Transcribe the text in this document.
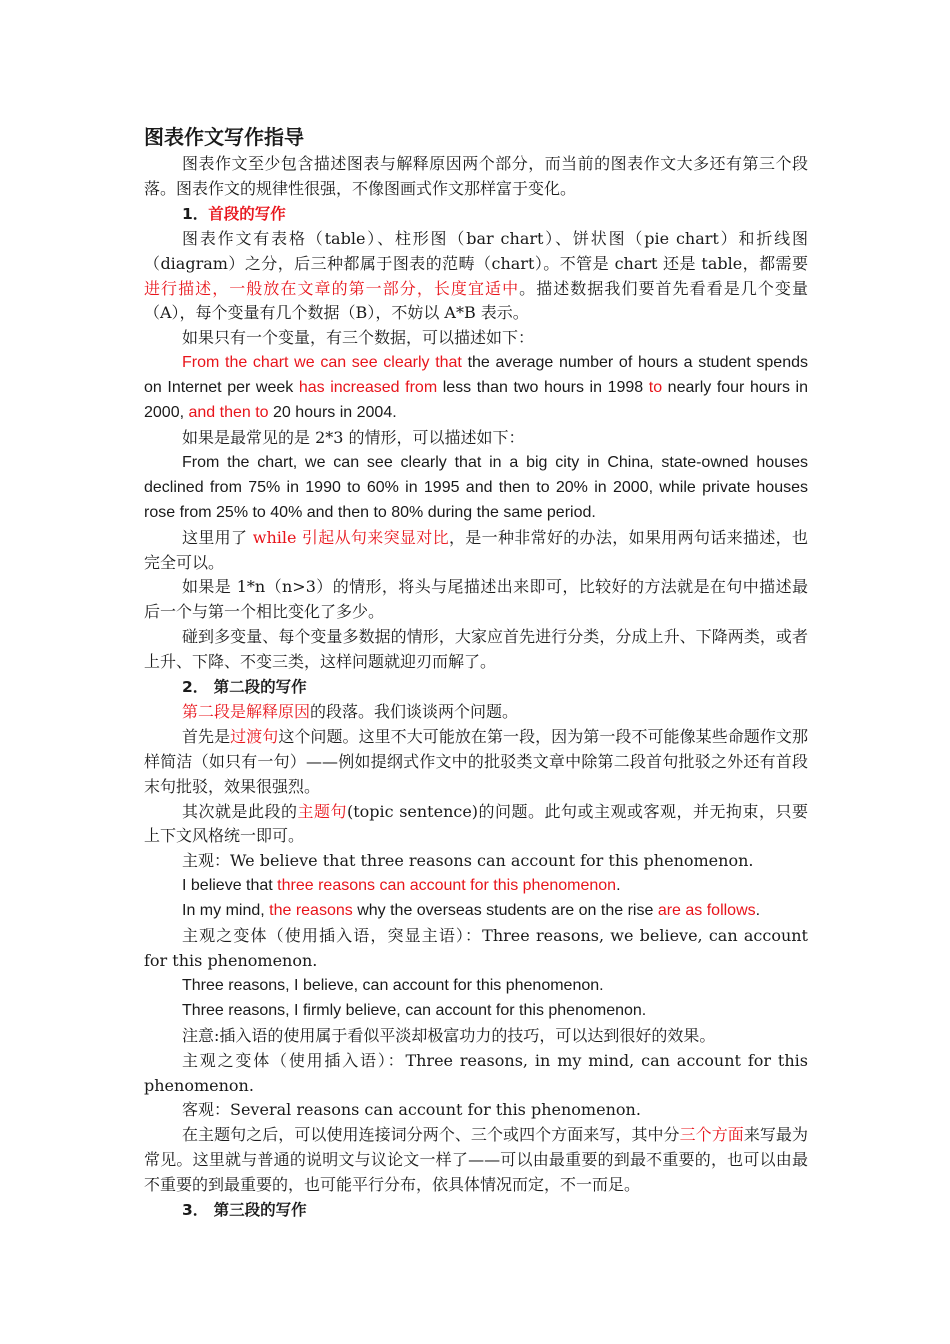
图表作文写作指导

图表作文至少包含描述图表与解释原因两个部分，而当前的图表作文大多还有第三个段落。图表作文的规律性很强，不像图画式作文那样富于变化。

1．首段的写作

图表作文有表格（table）、柱形图（bar chart）、饼状图（pie chart）和折线图（diagram）之分，后三种都属于图表的范畴（chart）。不管是 chart 还是 table，都需要进行描述，一般放在文章的第一部分，长度宜适中。描述数据我们要首先看看是几个变量（A），每个变量有几个数据（B），不妨以 A*B 表示。

如果只有一个变量，有三个数据，可以描述如下：

From the chart we can see clearly that the average number of hours a student spends on Internet per week has increased from less than two hours in 1998 to nearly four hours in 2000, and then to 20 hours in 2004.

如果是最常见的是 2*3 的情形，可以描述如下：

From the chart, we can see clearly that in a big city in China, state-owned houses declined from 75% in 1990 to 60% in 1995 and then to 20% in 2000, while private houses rose from 25% to 40% and then to 80% during the same period.

这里用了 while 引起从句来突显对比，是一种非常好的办法，如果用两句话来描述，也完全可以。

如果是 1*n（n>3）的情形，将头与尾描述出来即可，比较好的方法就是在句中描述最后一个与第一个相比变化了多少。

碰到多变量、每个变量多数据的情形，大家应首先进行分类，分成上升、下降两类，或者上升、下降、不变三类，这样问题就迎刃而解了。

2． 第二段的写作

第二段是解释原因的段落。我们谈谈两个问题。

首先是过渡句这个问题。这里不大可能放在第一段，因为第一段不可能像某些命题作文那样简洁（如只有一句）——例如提纲式作文中的批驳类文章中除第二段首句批驳之外还有首段末句批驳，效果很强烈。

其次就是此段的主题句(topic sentence)的问题。此句或主观或客观，并无拘束，只要上下文风格统一即可。

主观：We believe that three reasons can account for this phenomenon.

I believe that three reasons can account for this phenomenon.

In my mind, the reasons why the overseas students are on the rise are as follows.

主观之变体（使用插入语，突显主语）：Three reasons, we believe, can account for this phenomenon.

Three reasons, I believe, can account for this phenomenon.

Three reasons, I firmly believe, can account for this phenomenon.

注意:插入语的使用属于看似平淡却极富功力的技巧，可以达到很好的效果。

主观之变体（使用插入语）：Three reasons, in my mind, can account for this phenomenon.

客观：Several reasons can account for this phenomenon.

在主题句之后，可以使用连接词分两个、三个或四个方面来写，其中分三个方面来写最为常见。这里就与普通的说明文与议论文一样了——可以由最重要的到最不重要的，也可以由最不重要的到最重要的，也可能平行分布，依具体情况而定，不一而足。

3． 第三段的写作
